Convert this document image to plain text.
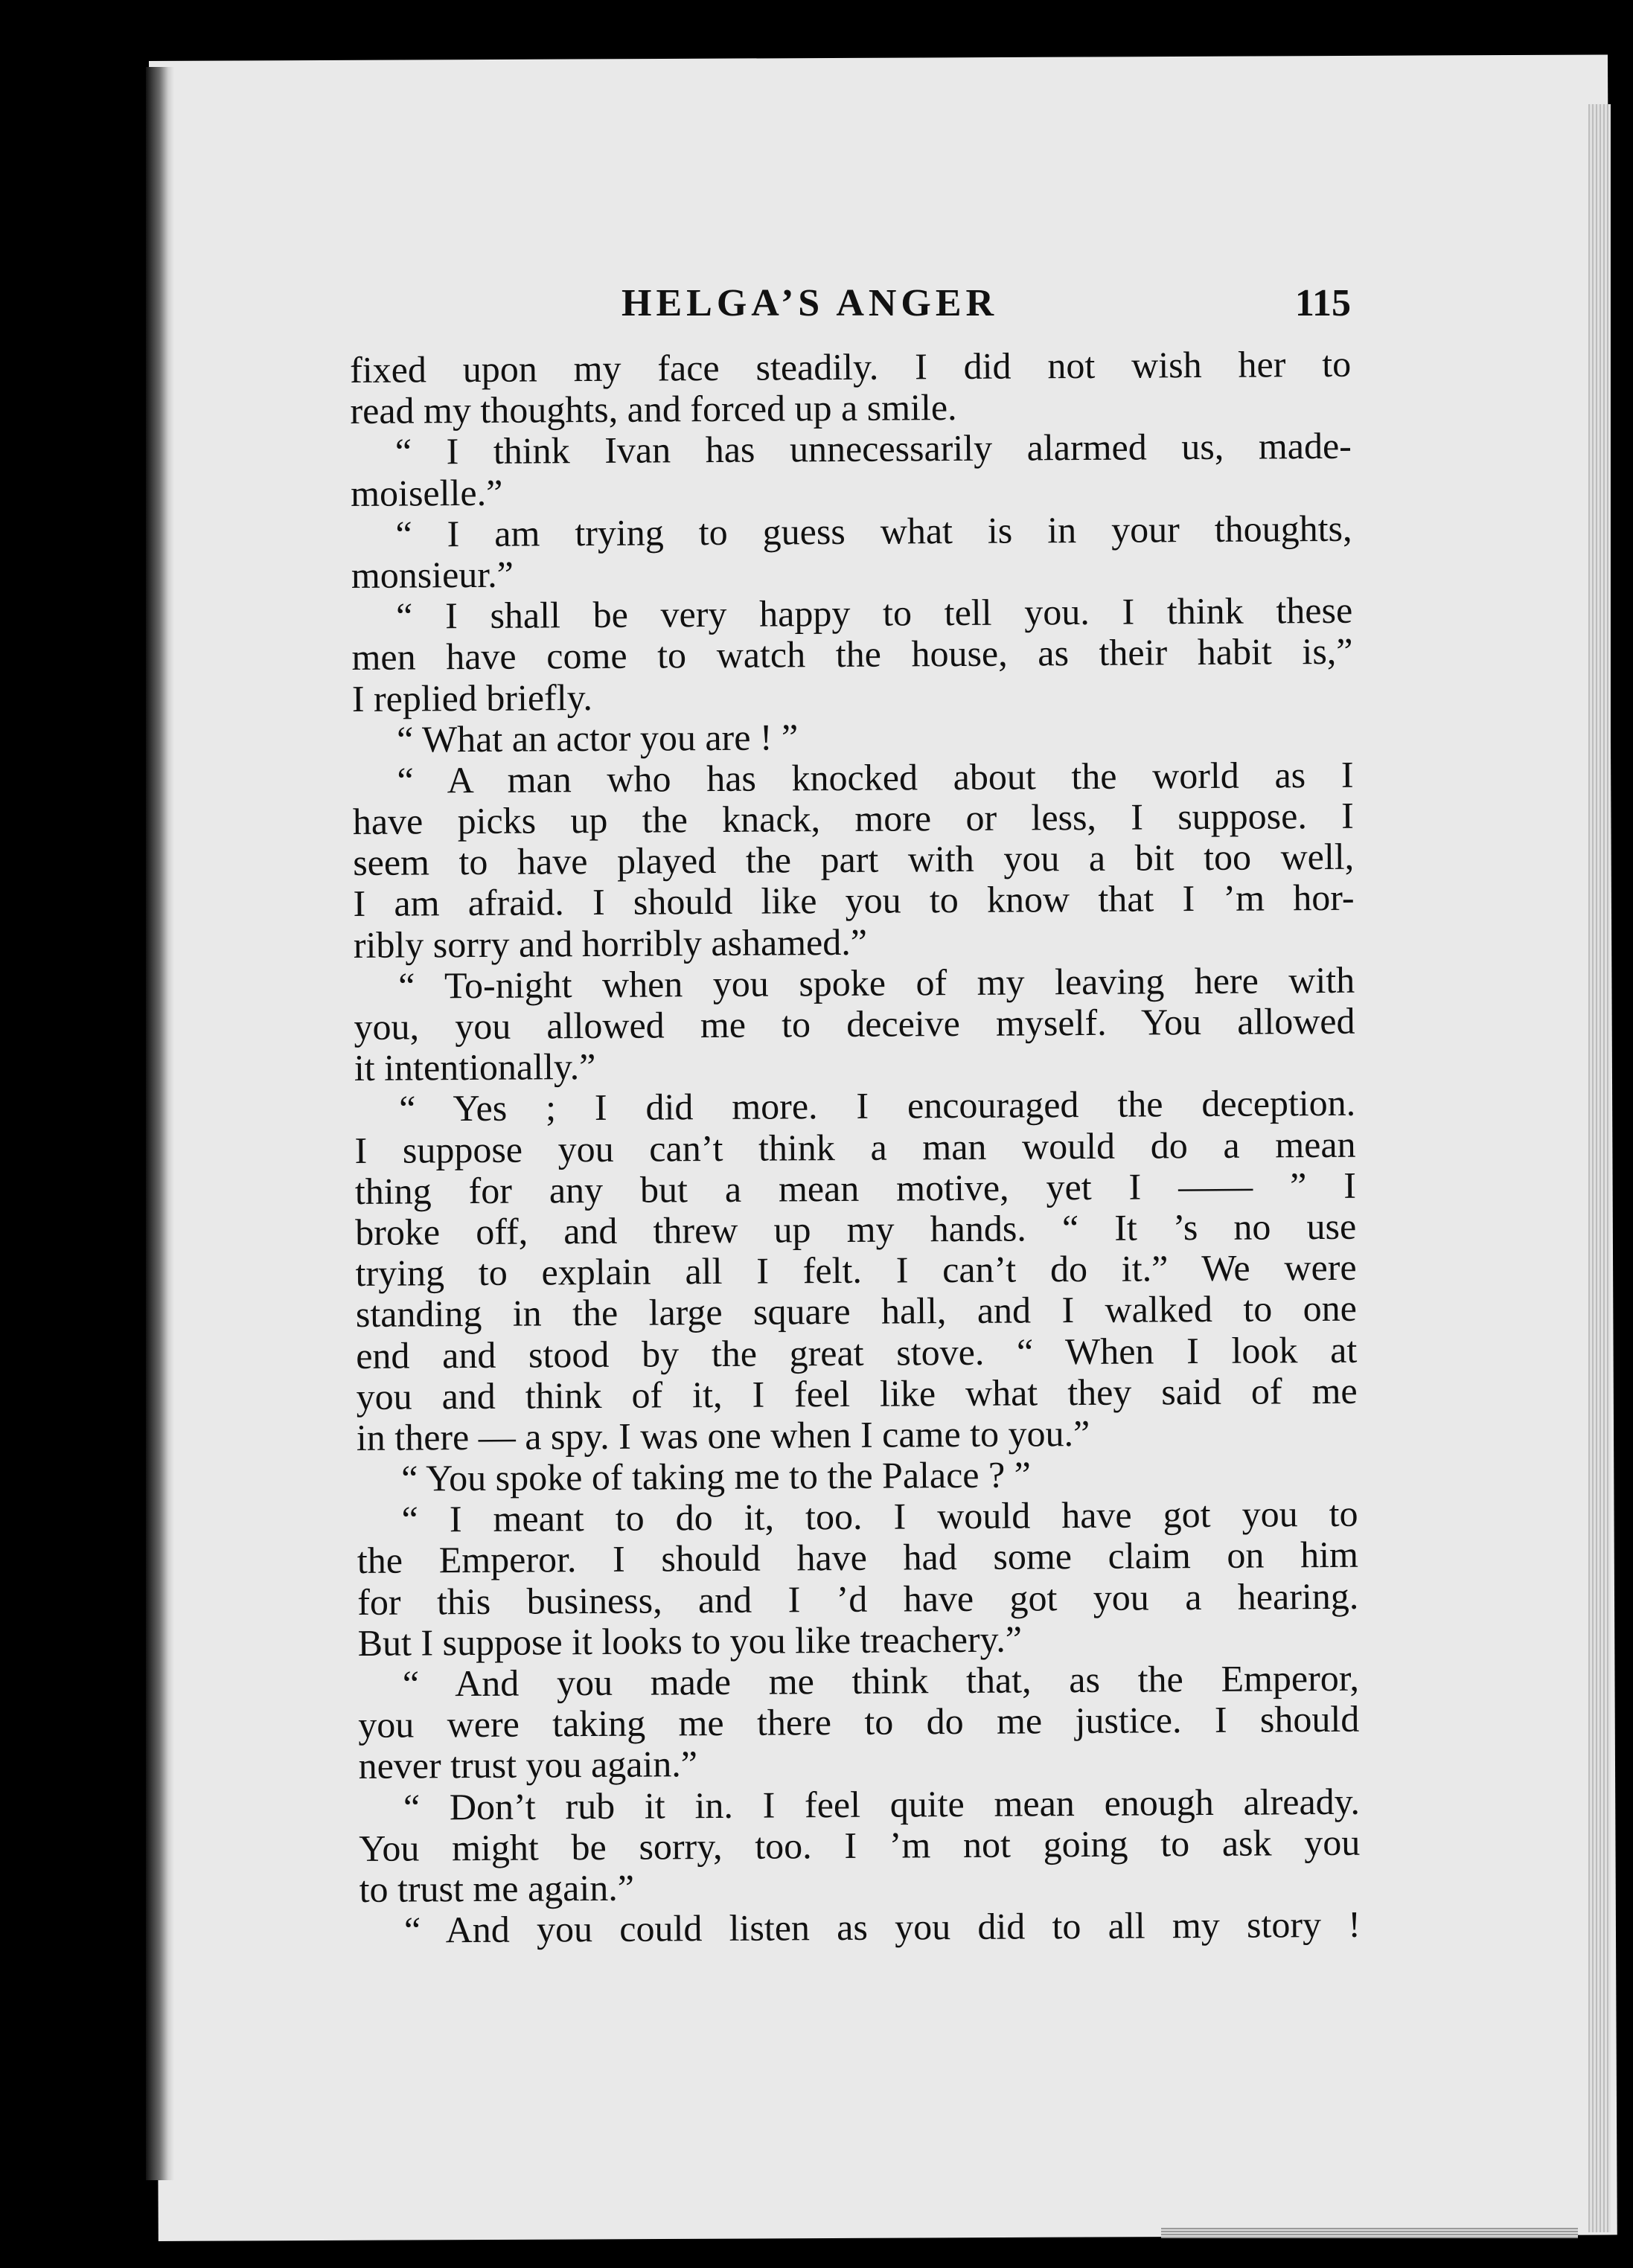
HELGA’S ANGER	115
fixed upon my face steadily. I did not wish her to
read my thoughts, and forced up a smile.
“ I think Ivan has unnecessarily alarmed us, made-
moiselle.”
“ I am trying to guess what is in your thoughts,
monsieur.”
“ I shall be very happy to tell you. I think these
men have come to watch the house, as their habit is,”
I replied briefly.
“ What an actor you are ! ”
“ A man who has knocked about the world as I
have picks up the knack, more or less, I suppose. I
seem to have played the part with you a bit too well,
I am afraid. I should like you to know that I ’m hor-
ribly sorry and horribly ashamed.”
“ To-night when you spoke of my leaving here with
you, you allowed me to deceive myself. You allowed
it intentionally.”
“ Yes ; I did more. I encouraged the deception.
I suppose you can’t think a man would do a mean
thing for any but a mean motive, yet I —— ” I
broke off, and threw up my hands. “ It ’s no use
trying to explain all I felt. I can’t do it.” We were
standing in the large square hall, and I walked to one
end and stood by the great stove. “ When I look at
you and think of it, I feel like what they said of me
in there — a spy. I was one when I came to you.”
“ You spoke of taking me to the Palace ? ”
“ I meant to do it, too. I would have got you to
the Emperor. I should have had some claim on him
for this business, and I ’d have got you a hearing.
But I suppose it looks to you like treachery.”
“ And you made me think that, as the Emperor,
you were taking me there to do me justice. I should
never trust you again.”
“ Don’t rub it in. I feel quite mean enough already.
You might be sorry, too. I ’m not going to ask you
to trust me again.”
“ And you could listen as you did to all my story !
